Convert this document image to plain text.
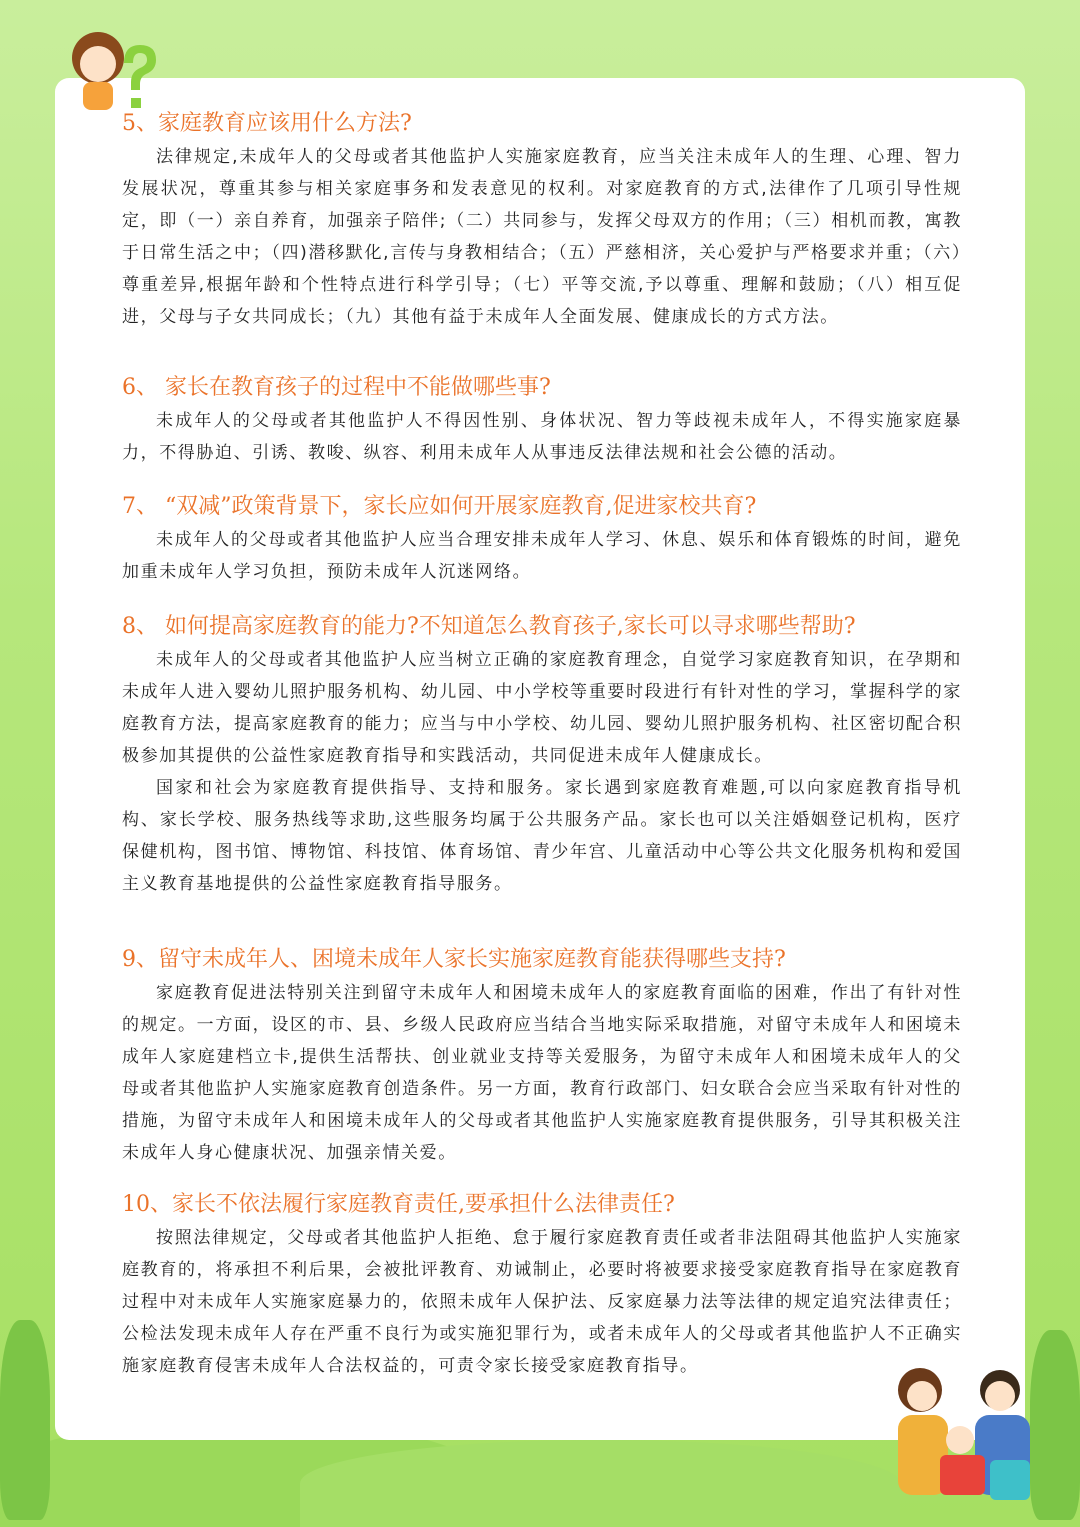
5、家庭教育应该用什么方法?

法律规定,未成年人的父母或者其他监护人实施家庭教育，应当关注未成年人的生理、心理、智力发展状况，尊重其参与相关家庭事务和发表意见的权利。对家庭教育的方式,法律作了几项引导性规定，即（一）亲自养育，加强亲子陪伴;（二）共同参与，发挥父母双方的作用；（三）相机而教，寓教于日常生活之中；（四)潜移默化,言传与身教相结合；（五）严慈相济，关心爱护与严格要求并重；（六）尊重差异,根据年龄和个性特点进行科学引导；（七）平等交流,予以尊重、理解和鼓励；（八）相互促进，父母与子女共同成长；（九）其他有益于未成年人全面发展、健康成长的方式方法。

6、 家长在教育孩子的过程中不能做哪些事?

未成年人的父母或者其他监护人不得因性别、身体状况、智力等歧视未成年人，不得实施家庭暴力，不得胁迫、引诱、教唆、纵容、利用未成年人从事违反法律法规和社会公德的活动。

7、 “双减”政策背景下，家长应如何开展家庭教育,促进家校共育?

未成年人的父母或者其他监护人应当合理安排未成年人学习、休息、娱乐和体育锻炼的时间，避免加重未成年人学习负担，预防未成年人沉迷网络。

8、 如何提高家庭教育的能力?不知道怎么教育孩子,家长可以寻求哪些帮助?

未成年人的父母或者其他监护人应当树立正确的家庭教育理念，自觉学习家庭教育知识，在孕期和未成年人进入婴幼儿照护服务机构、幼儿园、中小学校等重要时段进行有针对性的学习，掌握科学的家庭教育方法，提高家庭教育的能力；应当与中小学校、幼儿园、婴幼儿照护服务机构、社区密切配合积极参加其提供的公益性家庭教育指导和实践活动，共同促进未成年人健康成长。

国家和社会为家庭教育提供指导、支持和服务。家长遇到家庭教育难题,可以向家庭教育指导机构、家长学校、服务热线等求助,这些服务均属于公共服务产品。家长也可以关注婚姻登记机构，医疗保健机构，图书馆、博物馆、科技馆、体育场馆、青少年宫、儿童活动中心等公共文化服务机构和爱国主义教育基地提供的公益性家庭教育指导服务。

9、留守未成年人、困境未成年人家长实施家庭教育能获得哪些支持?

家庭教育促进法特别关注到留守未成年人和困境未成年人的家庭教育面临的困难，作出了有针对性的规定。一方面，设区的市、县、乡级人民政府应当结合当地实际采取措施，对留守未成年人和困境未成年人家庭建档立卡,提供生活帮扶、创业就业支持等关爱服务，为留守未成年人和困境未成年人的父母或者其他监护人实施家庭教育创造条件。另一方面，教育行政部门、妇女联合会应当采取有针对性的措施，为留守未成年人和困境未成年人的父母或者其他监护人实施家庭教育提供服务，引导其积极关注未成年人身心健康状况、加强亲情关爱。

10、家长不依法履行家庭教育责任,要承担什么法律责任?

按照法律规定，父母或者其他监护人拒绝、怠于履行家庭教育责任或者非法阻碍其他监护人实施家庭教育的，将承担不利后果，会被批评教育、劝诫制止，必要时将被要求接受家庭教育指导在家庭教育过程中对未成年人实施家庭暴力的，依照未成年人保护法、反家庭暴力法等法律的规定追究法律责任；公检法发现未成年人存在严重不良行为或实施犯罪行为，或者未成年人的父母或者其他监护人不正确实施家庭教育侵害未成年人合法权益的，可责令家长接受家庭教育指导。
